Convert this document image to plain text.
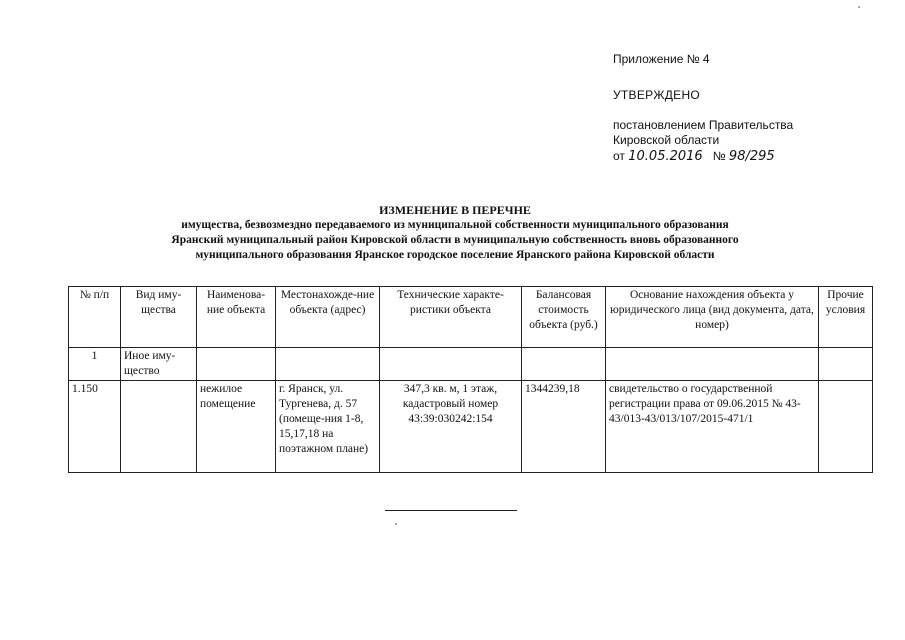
Приложение № 4
УТВЕРЖДЕНО
постановлением Правительства
Кировской области
от 10.05.2016 № 98/295
ИЗМЕНЕНИЕ В ПЕРЕЧНЕ
имущества, безвозмездно передаваемого из муниципальной собственности муниципального образования
Яранский муниципальный район Кировской области в муниципальную собственность вновь образованного
муниципального образования Яранское городское поселение Яранского района Кировской области
№ п/п	Вид иму-щества	Наименова-ние объекта	Местонахожде-ние объекта (адрес)	Технические характе-ристики объекта	Балансовая стоимость объекта (руб.)	Основание нахождения объекта у юридического лица (вид документа, дата, номер)	Прочие условия
1	Иное иму-щество						
1.150		нежилое помещение	г. Яранск, ул. Тургенева, д. 57 (помеще-ния 1-8, 15,17,18 на поэтажном плане)	347,3 кв. м, 1 этаж, кадастровый номер 43:39:030242:154	1344239,18	свидетельство о государственной регистрации права от 09.06.2015 № 43-43/013-43/013/107/2015-471/1	
